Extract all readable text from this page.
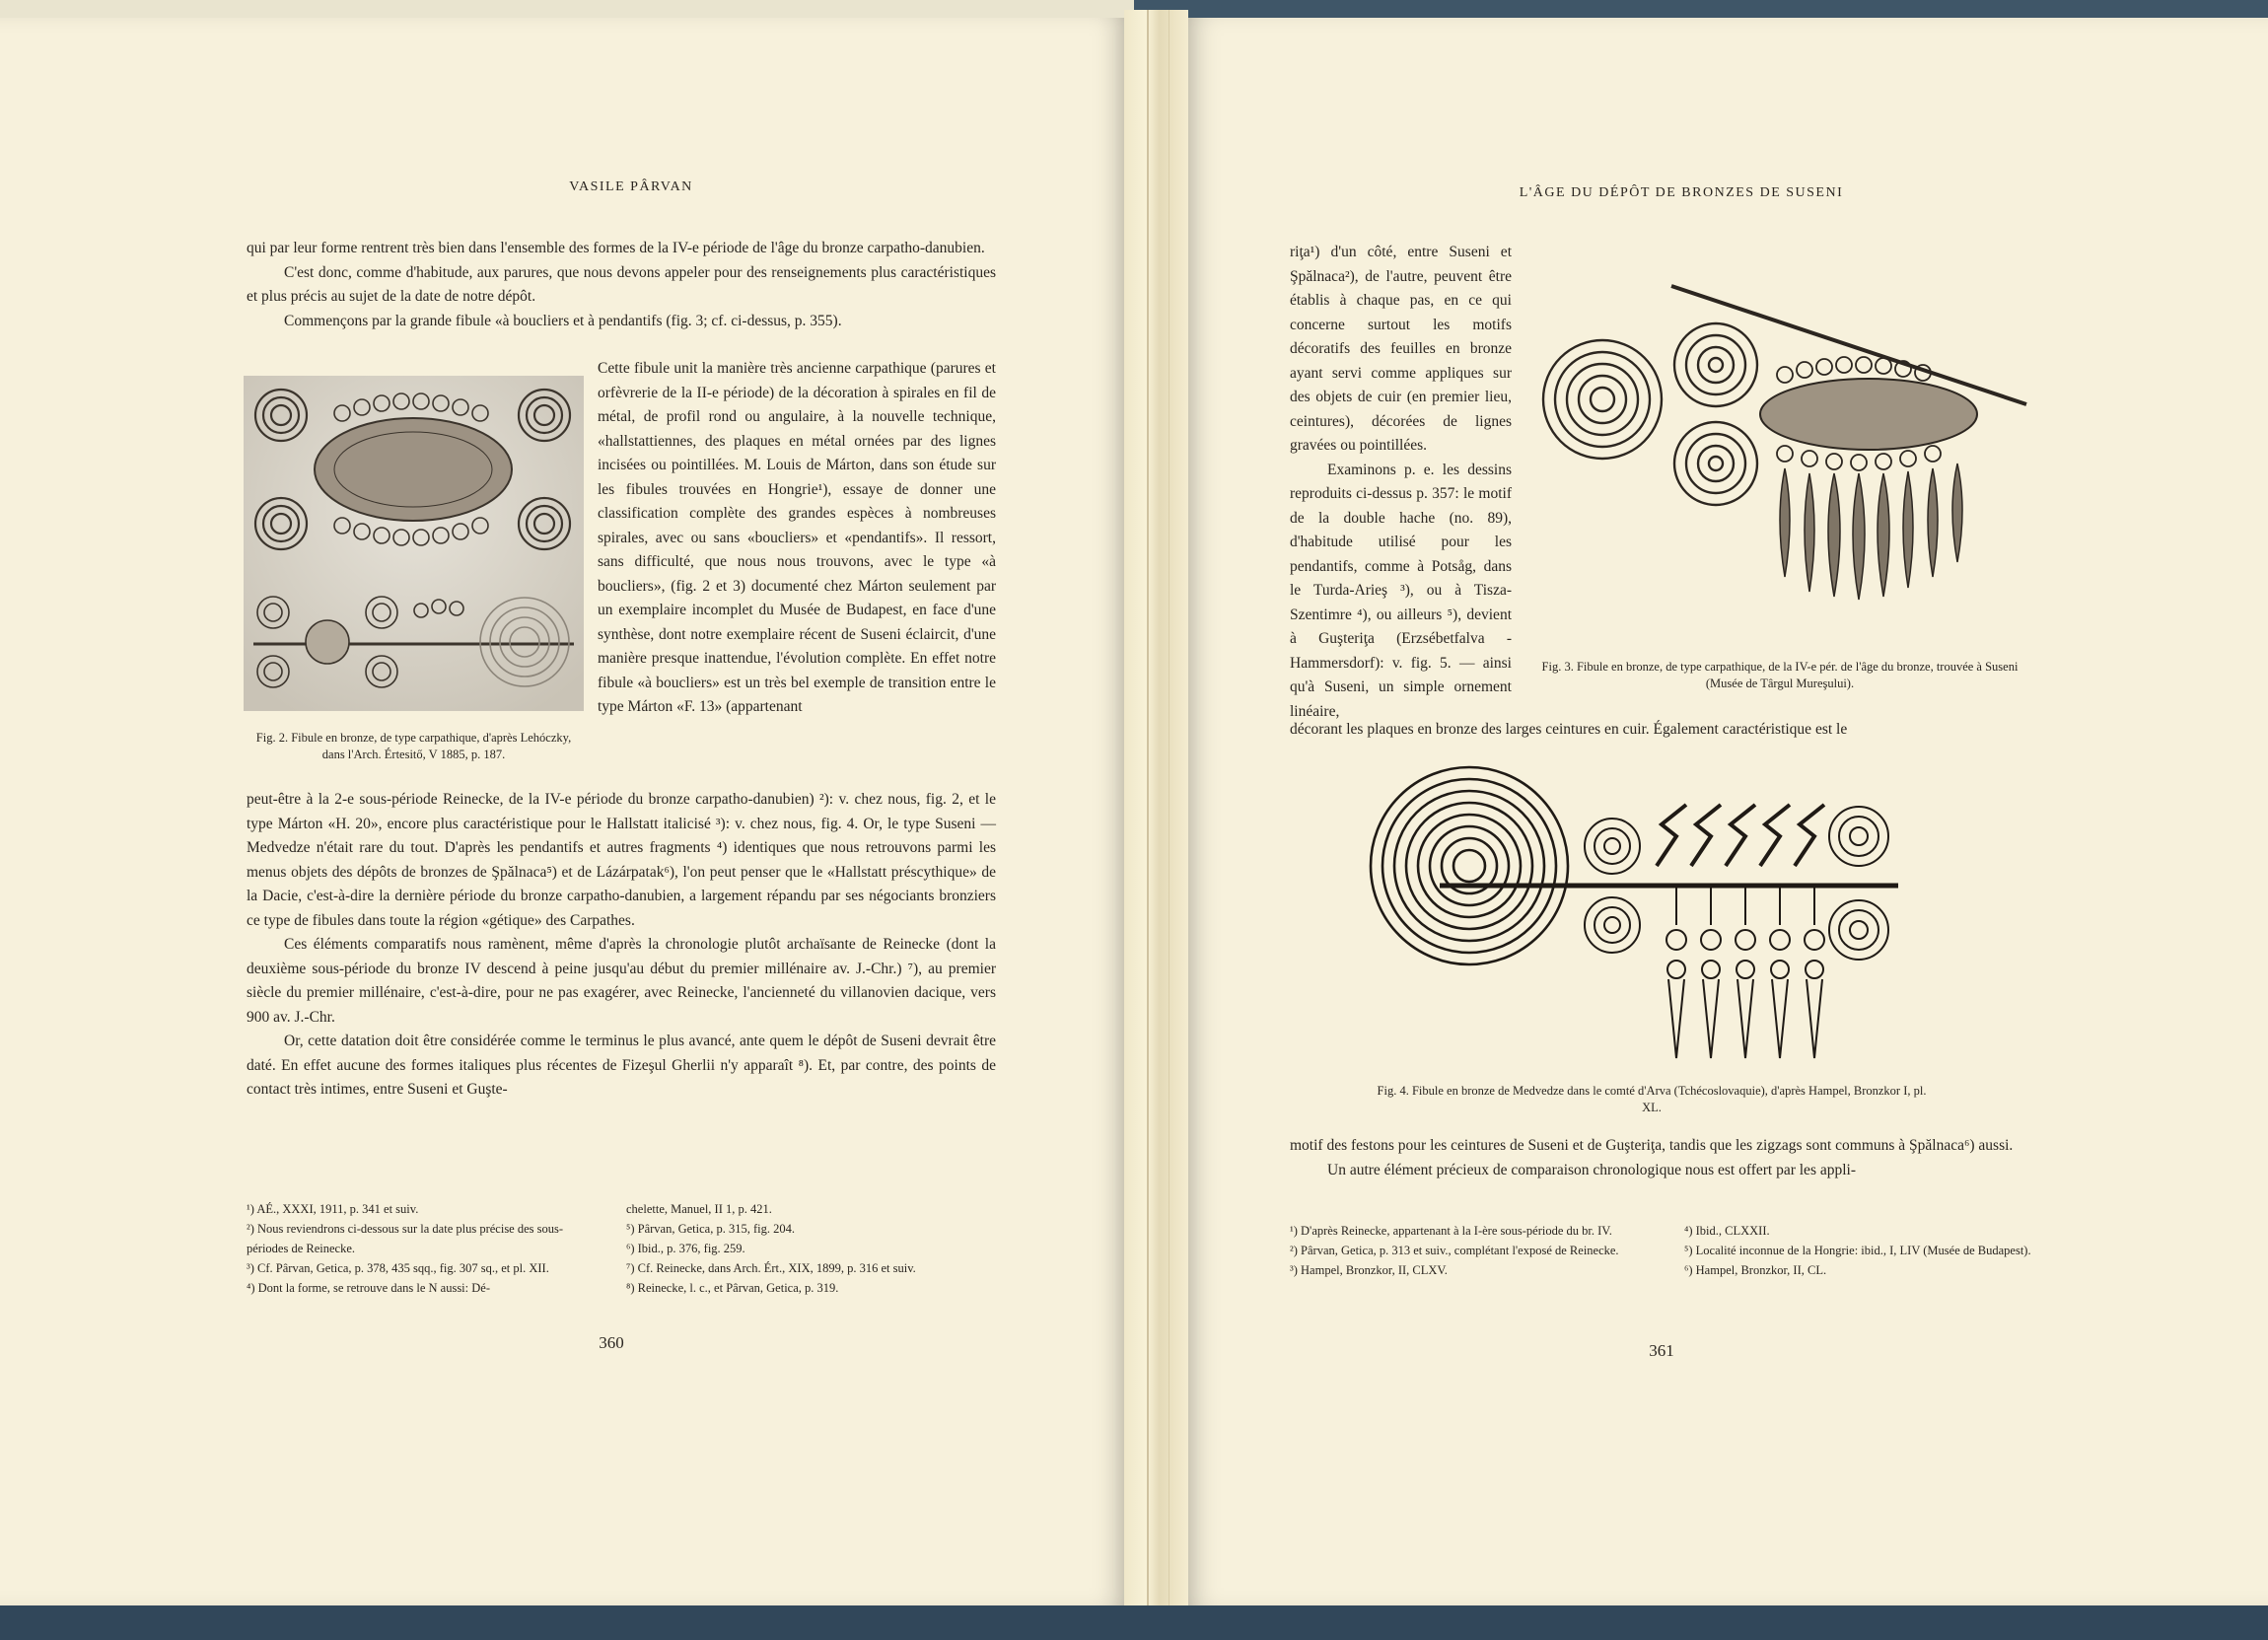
VASILE PÂRVAN

qui par leur forme rentrent très bien dans l'ensemble des formes de la IV-e période de l'âge du bronze carpatho-danubien.

C'est donc, comme d'habitude, aux parures, que nous devons appeler pour des renseignements plus caractéristiques et plus précis au sujet de la date de notre dépôt.

Commençons par la grande fibule «à boucliers et à pendantifs (fig. 3; cf. ci-dessus, p. 355).

Fig. 2. Fibule en bronze, de type carpathique, d'après Lehóczky, dans l'Arch. Értesitő, V 1885, p. 187.
Cette fibule unit la manière très ancienne carpathique (parures et orfèvrerie de la II-e période) de la décoration à spirales en fil de métal, de profil rond ou angulaire, à la nouvelle technique, «hallstattiennes, des plaques en métal ornées par des lignes incisées ou pointillées. M. Louis de Márton, dans son étude sur les fibules trouvées en Hongrie¹), essaye de donner une classification complète des grandes espèces à nombreuses spirales, avec ou sans «boucliers» et «pendantifs». Il ressort, sans difficulté, que nous nous trouvons, avec le type «à boucliers», (fig. 2 et 3) documenté chez Márton seulement par un exemplaire incomplet du Musée de Budapest, en face d'une synthèse, dont notre exemplaire récent de Suseni éclaircit, d'une manière presque inattendue, l'évolution complète. En effet notre fibule «à boucliers» est un très bel exemple de transition entre le type Márton «F. 13» (appartenant

peut-être à la 2-e sous-période Reinecke, de la IV-e période du bronze carpatho-danubien) ²): v. chez nous, fig. 2, et le type Márton «H. 20», encore plus caractéristique pour le Hallstatt italicisé ³): v. chez nous, fig. 4. Or, le type Suseni — Medvedze n'était rare du tout. D'après les pendantifs et autres fragments ⁴) identiques que nous retrouvons parmi les menus objets des dépôts de bronzes de Şpălnaca⁵) et de Lázárpatak⁶), l'on peut penser que le «Hallstatt préscythique» de la Dacie, c'est-à-dire la dernière période du bronze carpatho-danubien, a largement répandu par ses négociants bronziers ce type de fibules dans toute la région «gétique» des Carpathes.

Ces éléments comparatifs nous ramènent, même d'après la chronologie plutôt archaïsante de Reinecke (dont la deuxième sous-période du bronze IV descend à peine jusqu'au début du premier millénaire av. J.-Chr.) ⁷), au premier siècle du premier millénaire, c'est-à-dire, pour ne pas exagérer, avec Reinecke, l'ancienneté du villanovien dacique, vers 900 av. J.-Chr.

Or, cette datation doit être considérée comme le terminus le plus avancé, ante quem le dépôt de Suseni devrait être daté. En effet aucune des formes italiques plus récentes de Fizeşul Gherlii n'y apparaît ⁸). Et, par contre, des points de contact très intimes, entre Suseni et Guşte-

¹) AÉ., XXXI, 1911, p. 341 et suiv.

²) Nous reviendrons ci-dessous sur la date plus précise des sous-périodes de Reinecke.

³) Cf. Pârvan, Getica, p. 378, 435 sqq., fig. 307 sq., et pl. XII.

⁴) Dont la forme, se retrouve dans le N aussi: Dé-

chelette, Manuel, II 1, p. 421.

⁵) Pârvan, Getica, p. 315, fig. 204.

⁶) Ibid., p. 376, fig. 259.

⁷) Cf. Reinecke, dans Arch. Ért., XIX, 1899, p. 316 et suiv.

⁸) Reinecke, l. c., et Pârvan, Getica, p. 319.

360
L'ÂGE DU DÉPÔT DE BRONZES DE SUSENI

riţa¹) d'un côté, entre Suseni et Şpălnaca²), de l'autre, peuvent être établis à chaque pas, en ce qui concerne surtout les motifs décoratifs des feuilles en bronze ayant servi comme appliques sur des objets de cuir (en premier lieu, ceintures), décorées de lignes gravées ou pointillées.

Examinons p. e. les dessins reproduits ci-dessus p. 357: le motif de la double hache (no. 89), d'habitude utilisé pour les pendantifs, comme à Potsåg, dans le Turda-Arieş ³), ou à Tisza-Szentimre ⁴), ou ailleurs ⁵), devient à Guşteriţa (Erzsébetfalva - Hammersdorf): v. fig. 5. — ainsi qu'à Suseni, un simple ornement linéaire,

Fig. 3. Fibule en bronze, de type carpathique, de la IV-e pér. de l'âge du bronze, trouvée à Suseni (Musée de Târgul Mureşului).
décorant les plaques en bronze des larges ceintures en cuir. Également caractéristique est le
Fig. 4. Fibule en bronze de Medvedze dans le comté d'Arva (Tchécoslovaquie), d'après Hampel, Bronzkor I, pl. XL.

motif des festons pour les ceintures de Suseni et de Guşteriţa, tandis que les zigzags sont communs à Şpălnaca⁶) aussi.

Un autre élément précieux de comparaison chronologique nous est offert par les appli-

¹) D'après Reinecke, appartenant à la I-ère sous-période du br. IV.

²) Pârvan, Getica, p. 313 et suiv., complétant l'exposé de Reinecke.

³) Hampel, Bronzkor, II, CLXV.

⁴) Ibid., CLXXII.

⁵) Localité inconnue de la Hongrie: ibid., I, LIV (Musée de Budapest).

⁶) Hampel, Bronzkor, II, CL.

361
